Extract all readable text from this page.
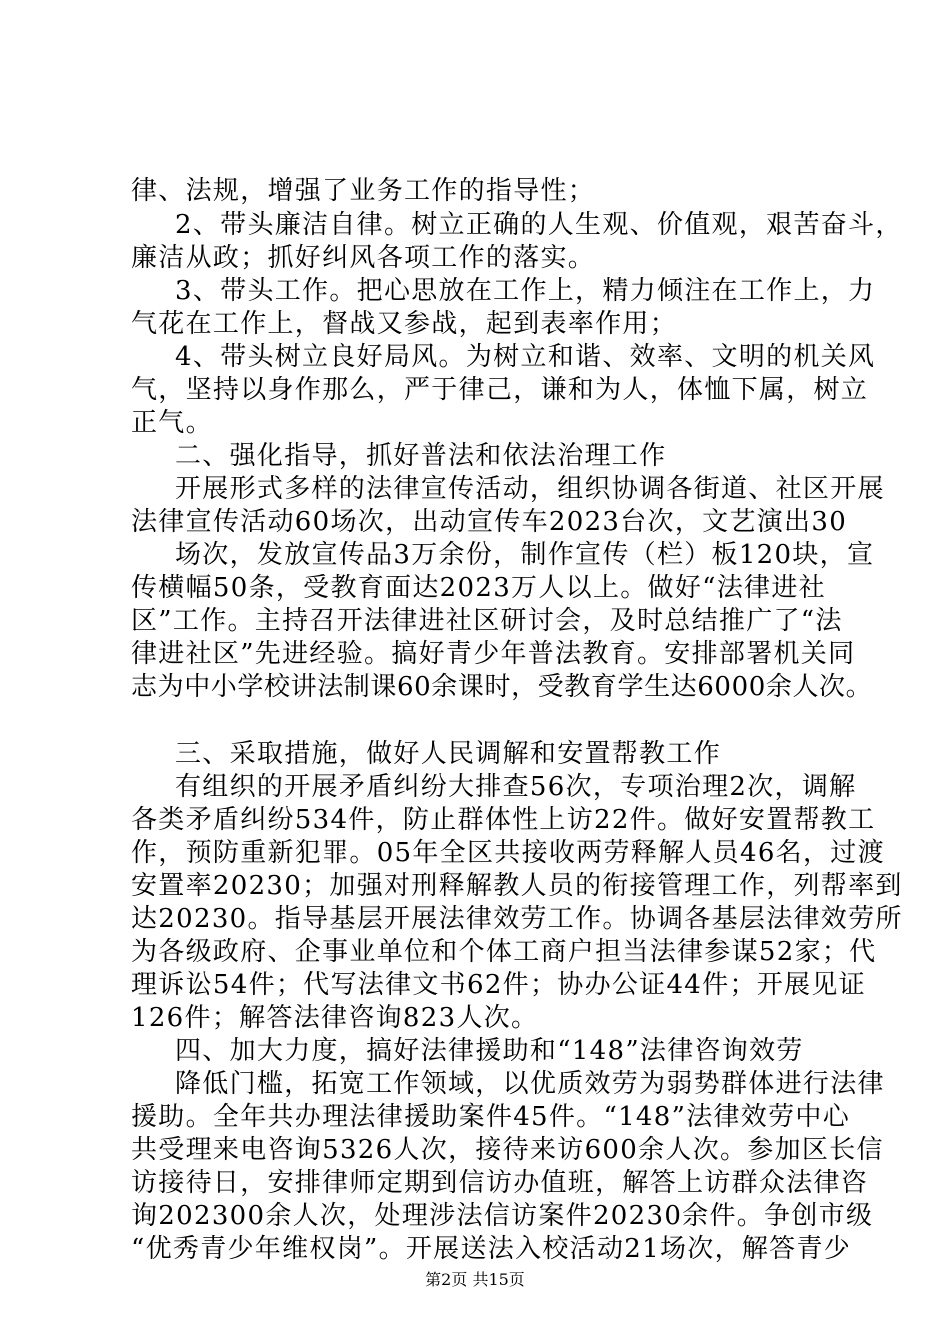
律、法规，增强了业务工作的指导性；

2、带头廉洁自律。树立正确的人生观、价值观，艰苦奋斗，

廉洁从政；抓好纠风各项工作的落实。

3、带头工作。把心思放在工作上，精力倾注在工作上，力

气花在工作上，督战又参战，起到表率作用；

4、带头树立良好局风。为树立和谐、效率、文明的机关风

气，坚持以身作那么，严于律己，谦和为人，体恤下属，树立

正气。

二、强化指导，抓好普法和依法治理工作

开展形式多样的法律宣传活动，组织协调各街道、社区开展

法律宣传活动60场次，出动宣传车2023台次，文艺演出30

场次，发放宣传品3万余份，制作宣传（栏）板120块，宣

传横幅50条，受教育面达2023万人以上。做好“法律进社

区”工作。主持召开法律进社区研讨会，及时总结推广了“法

律进社区”先进经验。搞好青少年普法教育。安排部署机关同

志为中小学校讲法制课60余课时，受教育学生达6000余人次。

三、采取措施，做好人民调解和安置帮教工作

有组织的开展矛盾纠纷大排查56次，专项治理2次，调解

各类矛盾纠纷534件，防止群体性上访22件。做好安置帮教工

作，预防重新犯罪。05年全区共接收两劳释解人员46名，过渡

安置率20230；加强对刑释解教人员的衔接管理工作，列帮率到

达20230。指导基层开展法律效劳工作。协调各基层法律效劳所

为各级政府、企事业单位和个体工商户担当法律参谋52家；代

理诉讼54件；代写法律文书62件；协办公证44件；开展见证

126件；解答法律咨询823人次。

四、加大力度，搞好法律援助和“148”法律咨询效劳

降低门槛，拓宽工作领域，以优质效劳为弱势群体进行法律

援助。全年共办理法律援助案件45件。“148”法律效劳中心

共受理来电咨询5326人次，接待来访600余人次。参加区长信

访接待日，安排律师定期到信访办值班，解答上访群众法律咨

询202300余人次，处理涉法信访案件20230余件。争创市级

“优秀青少年维权岗”。开展送法入校活动21场次，解答青少

第2页 共15页
